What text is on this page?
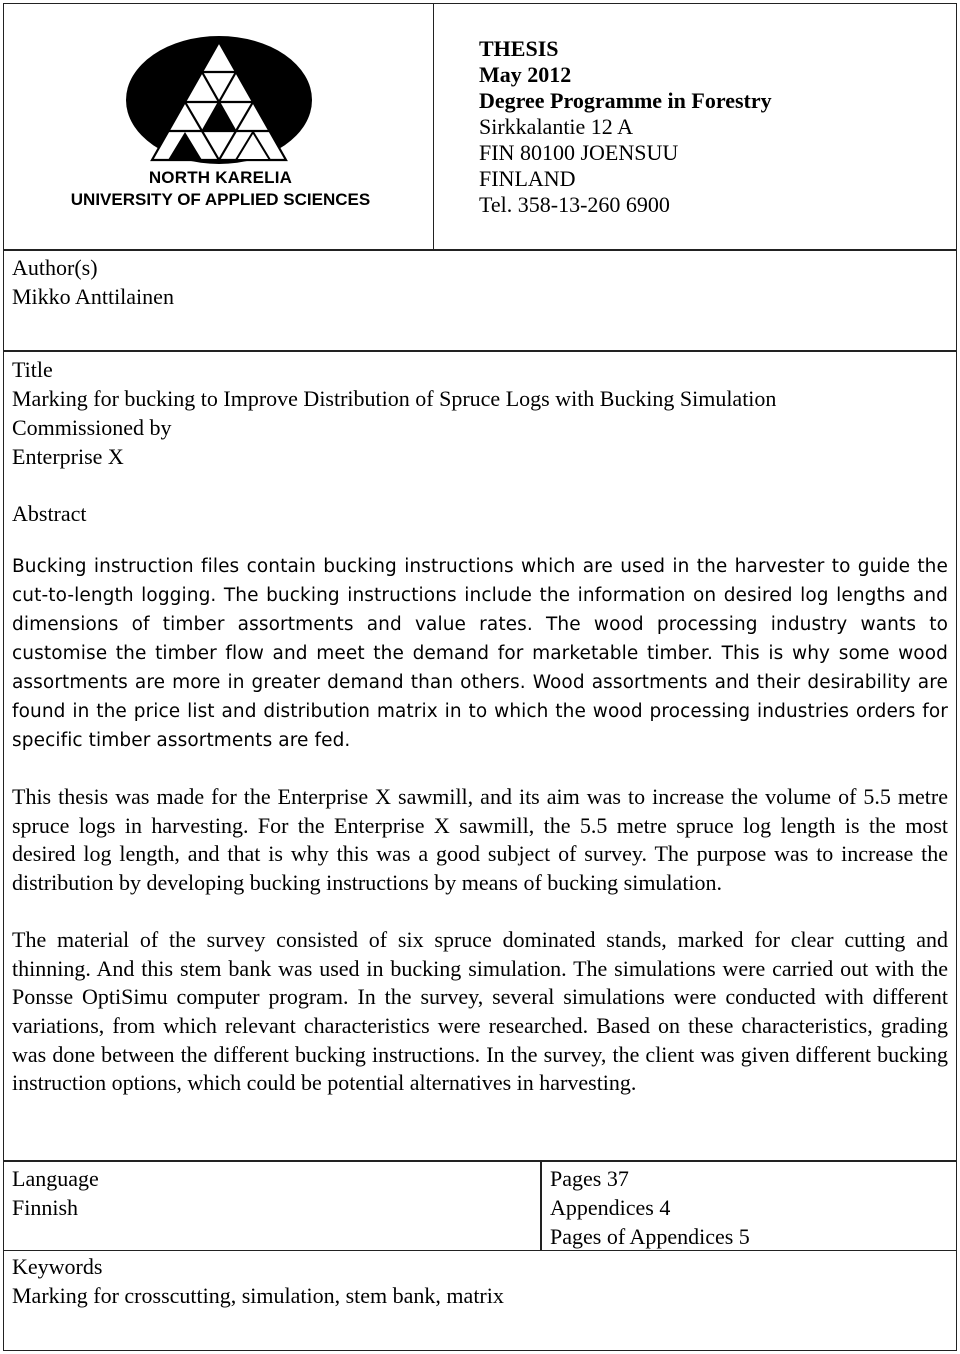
NORTH KARELIA
UNIVERSITY OF APPLIED SCIENCES
THESIS
May 2012
Degree Programme in Forestry
Sirkkalantie 12 A
FIN 80100 JOENSUU
FINLAND
Tel. 358-13-260 6900
Author(s)
Mikko Anttilainen
Title
Marking for bucking to Improve Distribution of Spruce Logs with Bucking Simulation
Commissioned by
Enterprise X
Abstract

Bucking instruction files contain bucking instructions which are used in the harvester to guide the cut-to-length logging. The bucking instructions include the information on desired log lengths and dimensions of timber assortments and value rates. The wood processing industry wants to customise the timber flow and meet the demand for marketable timber. This is why some wood assortments are more in greater demand than others. Wood assortments and their desirability are found in the price list and distribution matrix in to which the wood processing industries orders for specific timber assortments are fed.

This thesis was made for the Enterprise X sawmill, and its aim was to increase the volume of 5.5 metre spruce logs in harvesting. For the Enterprise X sawmill, the 5.5 metre spruce log length is the most desired log length, and that is why this was a good subject of survey. The purpose was to increase the distribution by developing bucking instructions by means of bucking simulation.

The material of the survey consisted of six spruce dominated stands, marked for clear cutting and thinning. And this stem bank was used in bucking simulation. The simulations were carried out with the Ponsse OptiSimu computer program. In the survey, several simulations were conducted with different variations, from which relevant characteristics were researched. Based on these characteristics, grading was done between the different bucking instructions. In the survey, the client was given different bucking instruction options, which could be potential alternatives in harvesting.

Language
Finnish
Pages 37
Appendices 4
Pages of Appendices 5
Keywords
Marking for crosscutting, simulation, stem bank, matrix
